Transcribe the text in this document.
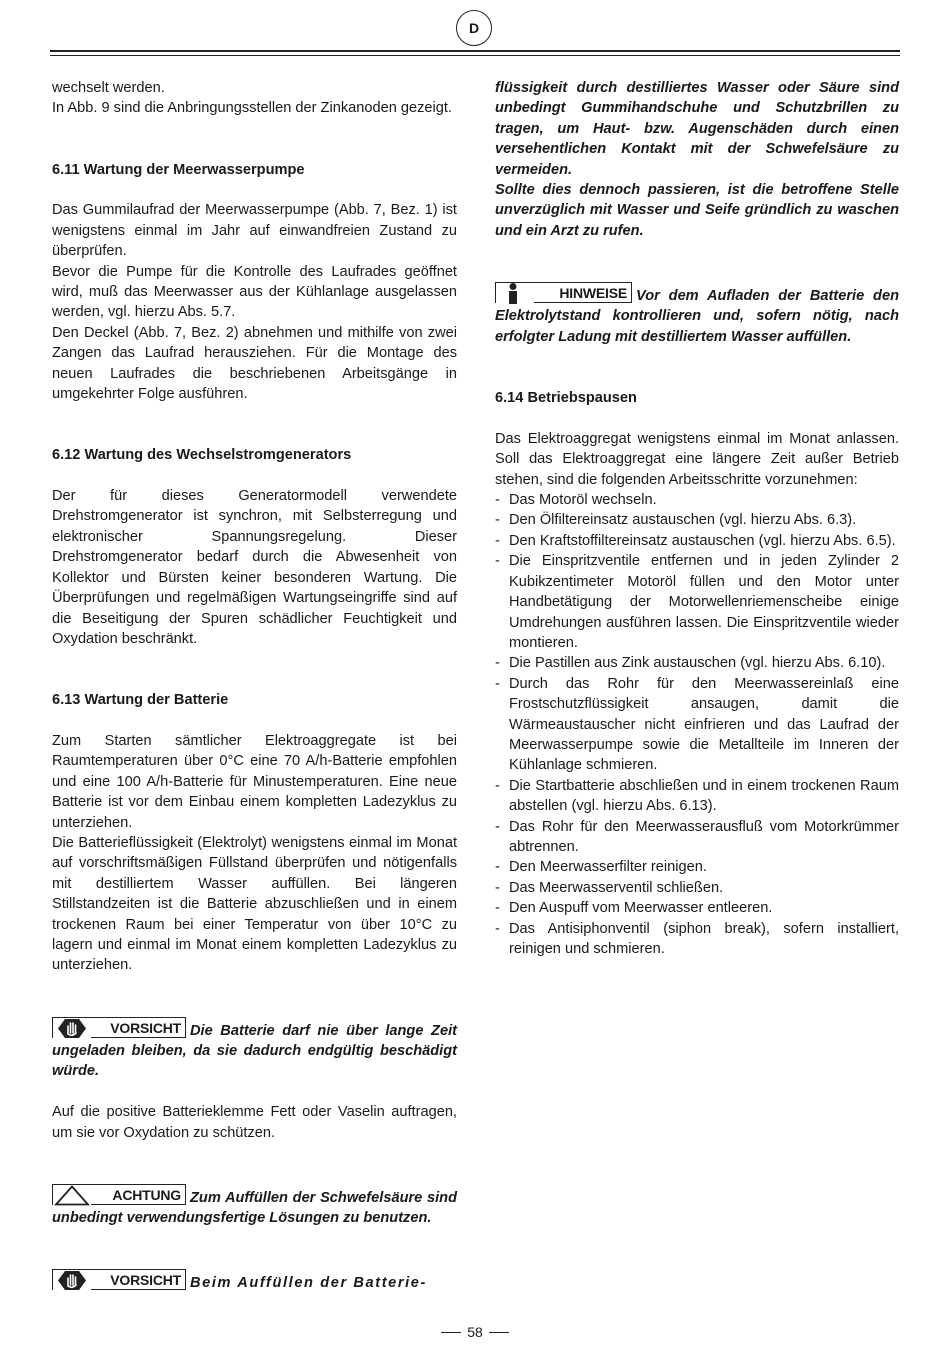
D

wechselt werden.

In Abb. 9 sind die Anbringungsstellen der Zinkanoden gezeigt.

6.11 Wartung der Meerwasserpumpe

Das Gummilaufrad der Meerwasserpumpe (Abb. 7, Bez. 1) ist wenigstens einmal im Jahr auf einwandfreien Zustand zu überprüfen.

Bevor die Pumpe für die Kontrolle des Laufrades geöffnet wird, muß das Meerwasser aus der Kühlanlage ausgelassen werden, vgl. hierzu Abs. 5.7.

Den Deckel (Abb. 7, Bez. 2) abnehmen und mithilfe von zwei Zangen das Laufrad herausziehen. Für die Montage des neuen Laufrades die beschriebenen Arbeitsgänge in umgekehrter Folge ausführen.

6.12 Wartung des Wechselstromgenerators

Der für dieses Generatormodell verwendete Drehstromgenerator ist synchron, mit Selbsterregung und elektronischer Spannungsregelung. Dieser Drehstromgenerator bedarf durch die Abwesenheit von Kollektor und Bürsten keiner besonderen Wartung. Die Überprüfungen und regelmäßigen Wartungseingriffe sind auf die Beseitigung der Spuren schädlicher Feuchtigkeit und Oxydation beschränkt.

6.13 Wartung der Batterie

Zum Starten sämtlicher Elektroaggregate ist bei Raumtemperaturen über 0°C eine 70 A/h-Batterie empfohlen und eine 100 A/h-Batterie für Minustemperaturen. Eine neue Batterie ist vor dem Einbau einem kompletten Ladezyklus zu unterziehen.

Die Batterieflüssigkeit (Elektrolyt) wenigstens einmal im Monat auf vorschriftsmäßigen Füllstand überprüfen und nötigenfalls mit destilliertem Wasser auffüllen. Bei längeren Stillstandzeiten ist die Batterie abzuschließen und in einem trockenen Raum bei einer Temperatur von über 10°C zu lagern und einmal im Monat einem kompletten Ladezyklus zu unterziehen.

VORSICHT Die Batterie darf nie über lange Zeit ungeladen bleiben, da sie dadurch endgültig beschädigt würde.

Auf die positive Batterieklemme Fett oder Vaselin auftragen, um sie vor Oxydation zu schützen.

ACHTUNG Zum Auffüllen der Schwefelsäure sind unbedingt verwendungsfertige Lösungen zu benutzen.

VORSICHT Beim Auffüllen der Batterie-

flüssigkeit durch destilliertes Wasser oder Säure sind unbedingt Gummihandschuhe und Schutzbrillen zu tragen, um Haut- bzw. Augenschäden durch einen versehentlichen Kontakt mit der Schwefelsäure zu vermeiden.

Sollte dies dennoch passieren, ist die betroffene Stelle unverzüglich mit Wasser und Seife gründlich zu waschen und ein Arzt zu rufen.

HINWEISE Vor dem Aufladen der Batterie den Elektrolytstand kontrollieren und, sofern nötig, nach erfolgter Ladung mit destilliertem Wasser auffüllen.

6.14 Betriebspausen

Das Elektroaggregat wenigstens einmal im Monat anlassen. Soll das Elektroaggregat eine längere Zeit außer Betrieb stehen, sind die folgenden Arbeitsschritte vorzunehmen:

- Das Motoröl wechseln.
- Den Ölfiltereinsatz austauschen (vgl. hierzu Abs. 6.3).
- Den Kraftstoffiltereinsatz austauschen (vgl. hierzu Abs. 6.5).
- Die Einspritzventile entfernen und in jeden Zylinder 2 Kubikzentimeter Motoröl füllen und den Motor unter Handbetätigung der Motorwellenriemenscheibe einige Umdrehungen ausführen lassen. Die Einspritzventile wieder montieren.
- Die Pastillen aus Zink austauschen (vgl. hierzu Abs. 6.10).
- Durch das Rohr für den Meerwassereinlaß eine Frostschutzflüssigkeit ansaugen, damit die Wärmeaustauscher nicht einfrieren und das Laufrad der Meerwasserpumpe sowie die Metallteile im Inneren der Kühlanlage schmieren.
- Die Startbatterie abschließen und in einem trockenen Raum abstellen (vgl. hierzu Abs. 6.13).
- Das Rohr für den Meerwasserausfluß vom Motorkrümmer abtrennen.
- Den Meerwasserfilter reinigen.
- Das Meerwasserventil schließen.
- Den Auspuff vom Meerwasser entleeren.
- Das Antisiphonventil (siphon break), sofern installiert, reinigen und schmieren.
58
